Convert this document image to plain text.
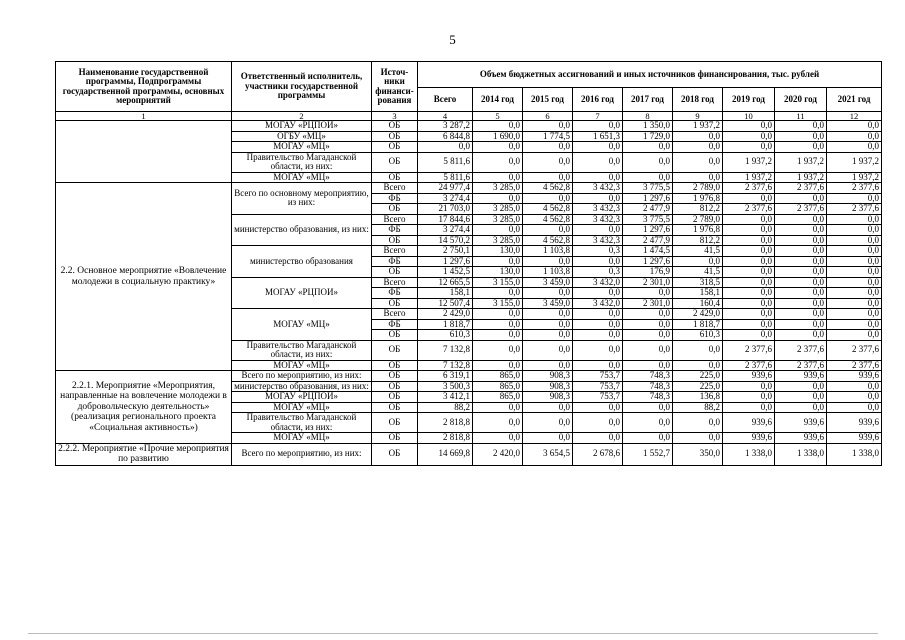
5
Наименование государственной программы, Подпрограммы государственной программы, основных мероприятий	Ответственный исполнитель, участники государственной программы	Источ-ники финанси-рования	Объем бюджетных ассигнований и иных источников финансирования, тыс. рублей								
			Всего	2014 год	2015 год	2016 год	2017 год	2018 год	2019 год	2020 год	2021 год
1	2	3	4	5	6	7	8	9	10	11	12
	МОГАУ «РЦПОИ»	ОБ	3 287,2	0,0	0,0	0,0	1 350,0	1 937,2	0,0	0,0	0,0
	ОГБУ «МЦ»	ОБ	6 844,8	1 690,0	1 774,5	1 651,3	1 729,0	0,0	0,0	0,0	0,0
	МОГАУ «МЦ»	ОБ	0,0	0,0	0,0	0,0	0,0	0,0	0,0	0,0	0,0
	Правительство Магаданской области, из них:	ОБ	5 811,6	0,0	0,0	0,0	0,0	0,0	1 937,2	1 937,2	1 937,2
	МОГАУ «МЦ»	ОБ	5 811,6	0,0	0,0	0,0	0,0	0,0	1 937,2	1 937,2	1 937,2
2.2. Основное мероприятие «Вовлечение молодежи в социальную практику»	Всего по основному мероприятию, из них:	Всего	24 977,4	3 285,0	4 562,8	3 432,3	3 775,5	2 789,0	2 377,6	2 377,6	2 377,6
		ФБ	3 274,4	0,0	0,0	0,0	1 297,6	1 976,8	0,0	0,0	0,0
		ОБ	21 703,0	3 285,0	4 562,8	3 432,3	2 477,9	812,2	2 377,6	2 377,6	2 377,6
	министерство образования, из них:	Всего	17 844,6	3 285,0	4 562,8	3 432,3	3 775,5	2 789,0	0,0	0,0	0,0
		ФБ	3 274,4	0,0	0,0	0,0	1 297,6	1 976,8	0,0	0,0	0,0
		ОБ	14 570,2	3 285,0	4 562,8	3 432,3	2 477,9	812,2	0,0	0,0	0,0
	министерство образования	Всего	2 750,1	130,0	1 103,8	0,3	1 474,5	41,5	0,0	0,0	0,0
		ФБ	1 297,6	0,0	0,0	0,0	1 297,6	0,0	0,0	0,0	0,0
		ОБ	1 452,5	130,0	1 103,8	0,3	176,9	41,5	0,0	0,0	0,0
	МОГАУ «РЦПОИ»	Всего	12 665,5	3 155,0	3 459,0	3 432,0	2 301,0	318,5	0,0	0,0	0,0
		ФБ	158,1	0,0	0,0	0,0	0,0	158,1	0,0	0,0	0,0
		ОБ	12 507,4	3 155,0	3 459,0	3 432,0	2 301,0	160,4	0,0	0,0	0,0
	МОГАУ «МЦ»	Всего	2 429,0	0,0	0,0	0,0	0,0	2 429,0	0,0	0,0	0,0
		ФБ	1 818,7	0,0	0,0	0,0	0,0	1 818,7	0,0	0,0	0,0
		ОБ	610,3	0,0	0,0	0,0	0,0	610,3	0,0	0,0	0,0
	Правительство Магаданской области, из них:	ОБ	7 132,8	0,0	0,0	0,0	0,0	0,0	2 377,6	2 377,6	2 377,6
	МОГАУ «МЦ»	ОБ	7 132,8	0,0	0,0	0,0	0,0	0,0	2 377,6	2 377,6	2 377,6
2.2.1. Мероприятие «Мероприятия, направленные на вовлечение молодежи в добровольческую деятельность» (реализация регионального проекта «Социальная активность»)	Всего по мероприятию, из них:	ОБ	6 319,1	865,0	908,3	753,7	748,3	225,0	939,6	939,6	939,6
	министерство образования, из них:	ОБ	3 500,3	865,0	908,3	753,7	748,3	225,0	0,0	0,0	0,0
	МОГАУ «РЦПОИ»	ОБ	3 412,1	865,0	908,3	753,7	748,3	136,8	0,0	0,0	0,0
	МОГАУ «МЦ»	ОБ	88,2	0,0	0,0	0,0	0,0	88,2	0,0	0,0	0,0
	Правительство Магаданской области, из них:	ОБ	2 818,8	0,0	0,0	0,0	0,0	0,0	939,6	939,6	939,6
	МОГАУ «МЦ»	ОБ	2 818,8	0,0	0,0	0,0	0,0	0,0	939,6	939,6	939,6
2.2.2. Мероприятие «Прочие мероприятия по развитию	Всего по мероприятию, из них:	ОБ	14 669,8	2 420,0	3 654,5	2 678,6	1 552,7	350,0	1 338,0	1 338,0	1 338,0
